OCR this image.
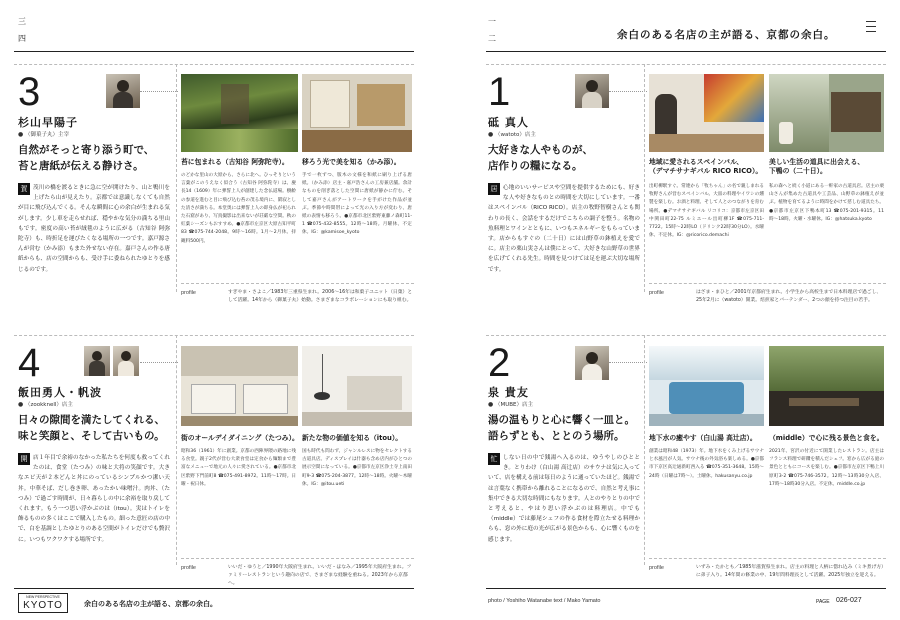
三
四
一
二	余白のある名店の主が語る、京都の余白。
3
杉山早陽子
● （御菓子丸）主宰
自然がそっと寄り添う町で、
苔と唐紙が伝える静けさ。
賀 茂川の橋を渡るときに急に空が開けたり、山と鴨川を上げたら山が見えたり。京都では意識しなくても自然が目に飛び込んでくる。そんな瞬間に心の余白が生まれる気がします。少し車を走らせれば、穏やかな気分の満ちる里山もです。密度の高い苔が絨毯のように広がる（古知谷 阿弥陀寺）も、時折足を運びたくなる場所の一つです。嘉戸源さんが営む（かみ添）もまた外せない存在。嘉戸さんの作る唐紙からも、店の空間からも、受け手に委ねられたゆとりを感じるのです。
苔に包まれる（古知谷 阿弥陀寺）。
のどかな里山の大原から、さらに北へ。ひっそりという言葉がこのうえなく似合う（古知谷 阿弥陀寺）は、慶長14（1609）年に弾誓上人が創建した念仏道場。樹齢の参道を進むと目に飛び込む苔の茂る境内に、閑寂とした清さが満ちる。本堂奥には弾誓上人の即身仏が祀られた石窟があり、写真撮影は出来ないが荘厳な空間。秋の紅葉シーズンもおすすめ。●京都市左京区大原古知平町83 ☎075-744-2048。9時〜16時。1月〜2月休。拝観料500円。
移ろう光で美を知る（かみ添）。
手で一枚ずつ、版木の文様を和紙に刷り上げる唐紙。（かみ添）店主・嘉戸浩さんの工房兼店舗。余計なものを削ぎ落とした空間に唐紙が静かに佇む。そして嘉戸さんがアートワークを手がけた作品が並ぶ。季節や時間帯によって光の入り方が変わり、唐紙の表情も移ろう。●京都市北区紫野東藤ノ森町11-1 ☎075-432-8555。12時〜18時。月曜休、不定休。IG：@kamisoe_kyoto
profile	すぎやま・さよこ／1983年三重県生まれ。2006〜16年は和菓子ユニット（日菓）として活躍。14年から（御菓子丸）始動。さまざまなコラボレーションにも取り組む。
1
砥 真人
● （watoto）店主
大好きな人やものが、
店作りの糧になる。
居 心地のいいサービスや空間を提供するためにも、好きな人や好きなものとの時間を大切にしています。一番はスペインバル（RICO RICO）。店主の牧野智樹さんとも関わりの長く、会話をするだけでこちらの調子を整う。名物の魚料理とワインとともに、いつもエネルギーをもらっています。店からもすぐの（二十日）には山野草の鉢植えを愛でに。店主の栗山実さんは僕にとって、大好きな山野草の世界を広げてくれる先生。時間を見つけては足を運ぶ大切な場所です。
地域に愛されるスペインバル、
（デマチサナギバル RICO RICO）。
出町柳駅すぐ。常連から「牧ちゃん」の名で親しまれる牧野さんが営むスペインバル。大皿の料理やイワシの燻製を楽しむ。お酒と料理、そして人とのつながりを育む場所。●デマチサナギバル リコリコ：京都市左京区田中関田町22-75 ルミエール出町柳1F ☎075-711-7722。15時〜22時LO（ドリンク22時30分LO）。水曜休、不定休。IG：@ricorico.demachi
美しい生活の道具に出会える、
下鴨の（二十日）。
私の森へと続く小道にある一軒家の古道具店。店主の栗山さんが集めた古道具や工芸品、山野草の鉢植えが並ぶ。植物を育てるように時間をかけて慈しむ道具たち。●京都市左京区下鴨本町13 ☎075-201-9315。11時〜18時。火曜・水曜休。IG：@hatsuka.kyoto
profile	はざま・まひと／2001年京都府生まれ。小学生から高校生まで日本料理店で過ごし、25年2月に（watoto）開業。焙煎家とバーテンダー、2つの顔を持つ注目の若手。
4
飯田勇人・帆波
● （zookknell）店主
日々の隙間を満たしてくれる、
味と笑顔と、そして古いもの。
開 店１年目で余裕のなかった私たちを何度も救ってくれたのは、食堂（たつみ）の味と大将の笑顔です。大きなエビ天が２本どんと丼にのっているシンプルかつ潔い天丼。中華そば、だし巻き卵、あったかい味噌汁。肉丼、（たつみ）で過ごす時間が、日々暮らしの中に余裕を取り戻してくれます。もう一つ思い浮かぶのは（itou）。実はトイレを飾るものの多くはここで購入したもの。細った意匠の店の中で、白を基調としたゆとりのある空間がトイレだけでも贅沢に。いつもワクワクする場所です。
街のオールデイダイニング（たつみ）。
昭和36（1961）年に創業。京都の西陣界隈の路地に残る食堂。親子2代が営む大衆食堂は定食から麺類まで豊富なメニューで地元の人々に愛されている。●京都市北区紫野下門前町8 ☎075-491-8972。11時〜17時。日曜・祝日休。
新たな物の価値を知る（itou）。
国も時代も問わず、ジャンルレスに物をセレクトする古道具店。ディスプレイは什器も含め店内がひとつの展示空間になっている。●京都市左京区浄土寺上南田町9-3 ☎075-204-3877。12時〜18時。火曜〜木曜休。IG：@itou.ueti
profile	いいだ・ゆうと／1990年大阪府生まれ。いいだ・ほなみ／1995年大阪府生まれ。ファミリーレストランという趣向の店で、さまざまな経験を重ねる。2023年から京都へ。
2
泉 貴友
● （MUBE）店主
湯の温もりと心に響く一皿と。
語らずとも、ととのう場所。
忙 しない日の中で銭湯へ入るのは、ゆうやしのひととき。とりわけ（白山湯 高辻店）のサウナは気に入っていて、店を構える前は毎日のように通っていたほど。銭湯では言葉なく携帯から離れることになるので、自然と考え事に集中できる大切な時間にもなります。人とのやりとりの中でと考えると、やはり思い浮かぶのは料理店。中でも（middle）では藤尾シェフの作る食材を際立たせる料理からも、窓の外に庭の光が広がる景色からも、心に響くものを感じます。
地下水の癒やす（白山湯 高辻店）。
創業は昭和48（1973）年。地下水をくみ上げるサウナと水風呂が人気。サウナ後の外気浴も楽しめる。●京都市下京区高辻通新町西入る ☎075-351-3648。15時〜24時（日曜は7時〜）。土曜休。hakusanyu.co.jp
（middle）で心に残る景色と食を。
2021年、宮沢の付近にて開業したレストラン。店主はフランス料理で研鑽を積んだシェフ。窓から広がる庭の景色とともにコースを楽しむ。●京都市左京区下鴨上川原町3-2 ☎075-746-3572。12時〜13時30分入店、17時〜18時30分入店。不定休。middle.co.jp
profile	いずみ・たかとも／1985年滋賀県生まれ。店主の料理と人柄に惚れ込み（ミキ煮げ方）に弟子入り。14年間の修業の中、19年問料理長として活躍。2025年独立を迎える。
NEW PERSPECTIVE
KYOTO	余白のある名店の主が語る、京都の余白。	photo / Yoshiho Watanabe text / Mako Yamato	PAGE 026-027
